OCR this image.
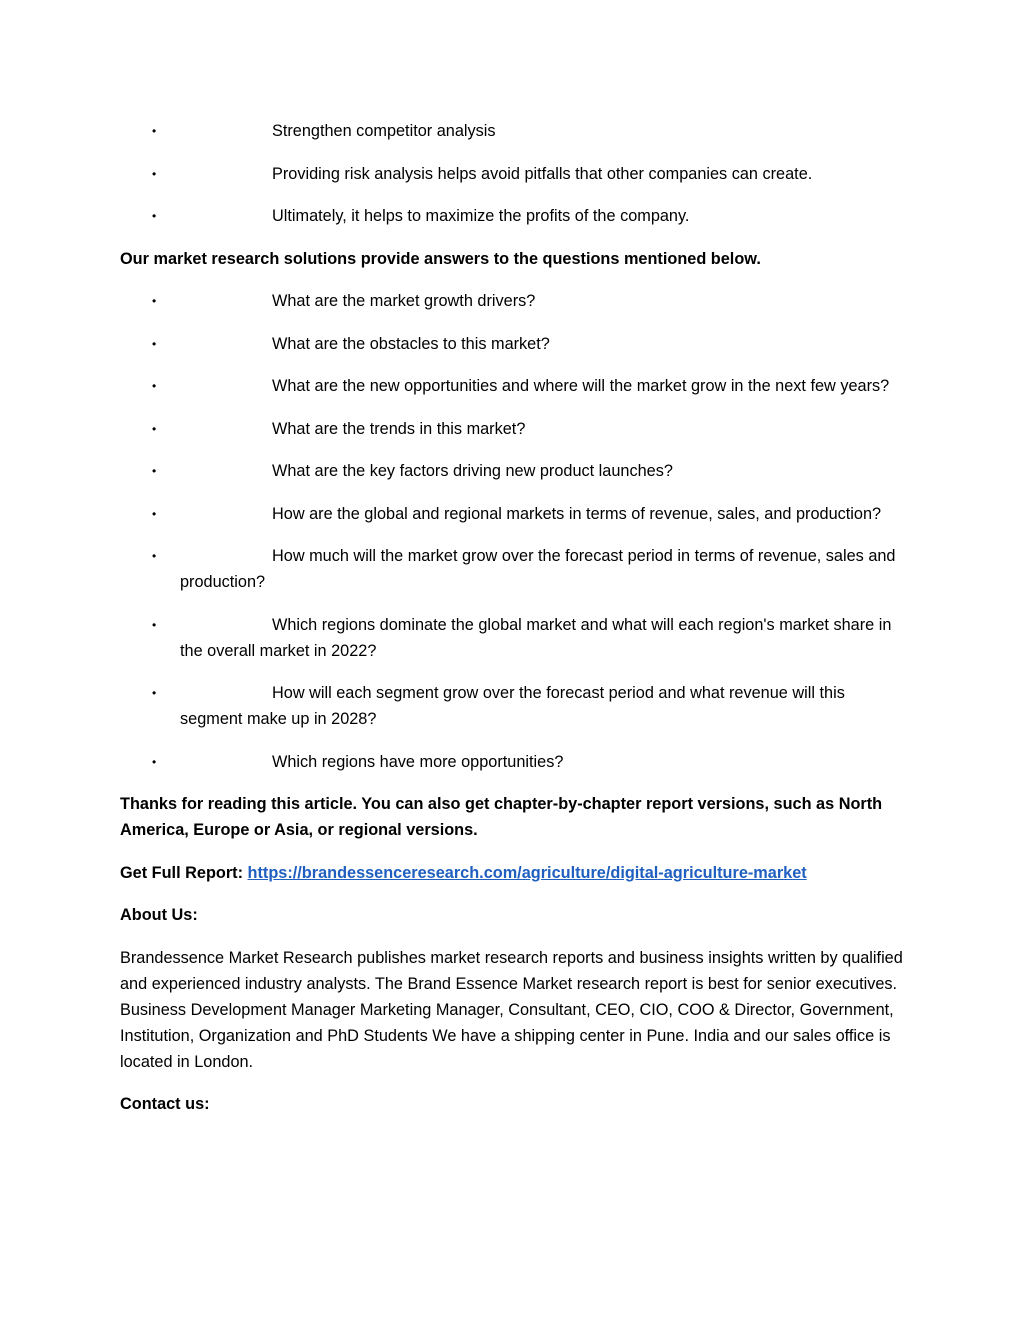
•	Strengthen competitor analysis
•	Providing risk analysis helps avoid pitfalls that other companies can create.
•	Ultimately, it helps to maximize the profits of the company.

Our market research solutions provide answers to the questions mentioned below.

•	What are the market growth drivers?
•	What are the obstacles to this market?
•	What are the new opportunities and where will the market grow in the next few years?
•	What are the trends in this market?
•	What are the key factors driving new product launches?
•	How are the global and regional markets in terms of revenue, sales, and production?
•	How much will the market grow over the forecast period in terms of revenue, sales and production?
•	Which regions dominate the global market and what will each region's market share in the overall market in 2022?
•	How will each segment grow over the forecast period and what revenue will this segment make up in 2028?
•	Which regions have more opportunities?

Thanks for reading this article. You can also get chapter-by-chapter report versions, such as North America, Europe or Asia, or regional versions.

Get Full Report: https://brandessenceresearch.com/agriculture/digital-agriculture-market

About Us:

Brandessence Market Research publishes market research reports and business insights written by qualified and experienced industry analysts. The Brand Essence Market research report is best for senior executives. Business Development Manager Marketing Manager, Consultant, CEO, CIO, COO & Director, Government, Institution, Organization and PhD Students We have a shipping center in Pune. India and our sales office is located in London.

Contact us:
